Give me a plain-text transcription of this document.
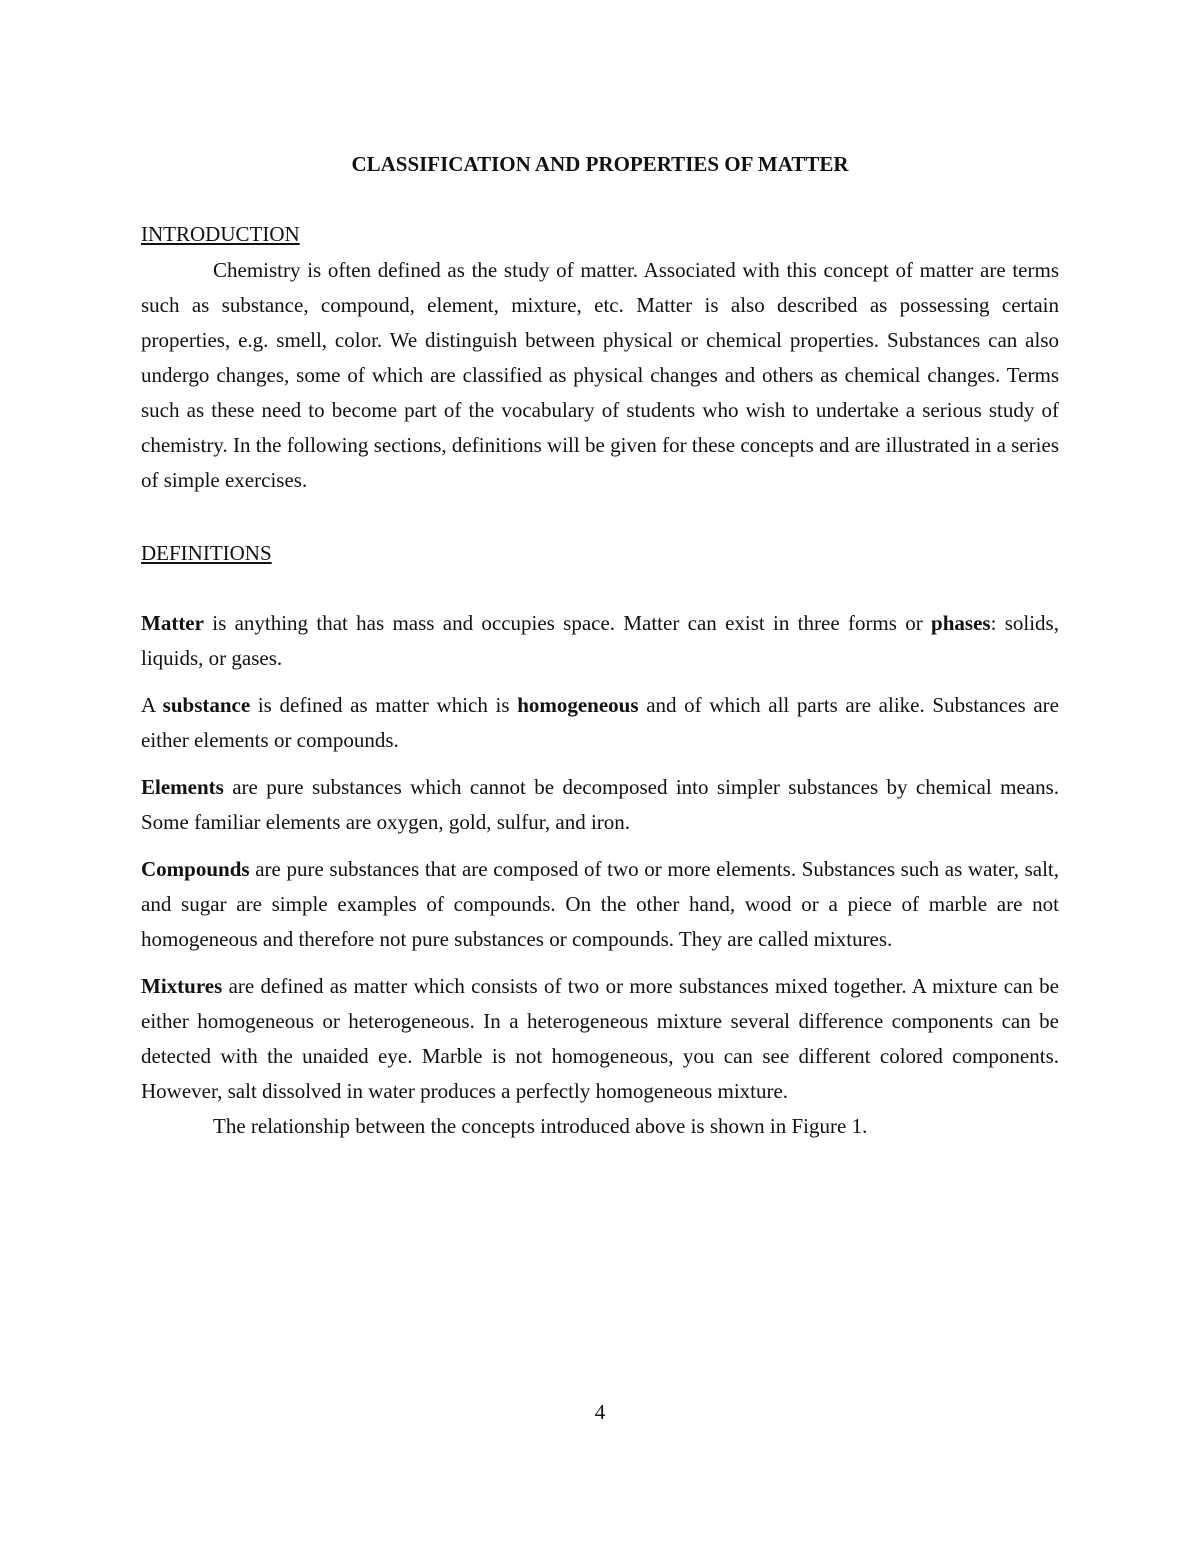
CLASSIFICATION AND PROPERTIES OF MATTER
INTRODUCTION

Chemistry is often defined as the study of matter. Associated with this concept of matter are terms such as substance, compound, element, mixture, etc. Matter is also described as possessing certain properties, e.g. smell, color. We distinguish between physical or chemical properties. Substances can also undergo changes, some of which are classified as physical changes and others as chemical changes. Terms such as these need to become part of the vocabulary of students who wish to undertake a serious study of chemistry. In the following sections, definitions will be given for these concepts and are illustrated in a series of simple exercises.

DEFINITIONS

Matter is anything that has mass and occupies space. Matter can exist in three forms or phases: solids, liquids, or gases.

A substance is defined as matter which is homogeneous and of which all parts are alike. Substances are either elements or compounds.

Elements are pure substances which cannot be decomposed into simpler substances by chemical means. Some familiar elements are oxygen, gold, sulfur, and iron.

Compounds are pure substances that are composed of two or more elements. Substances such as water, salt, and sugar are simple examples of compounds. On the other hand, wood or a piece of marble are not homogeneous and therefore not pure substances or compounds. They are called mixtures.

Mixtures are defined as matter which consists of two or more substances mixed together. A mixture can be either homogeneous or heterogeneous. In a heterogeneous mixture several difference components can be detected with the unaided eye. Marble is not homogeneous, you can see different colored components. However, salt dissolved in water produces a perfectly homogeneous mixture.

The relationship between the concepts introduced above is shown in Figure 1.

4
